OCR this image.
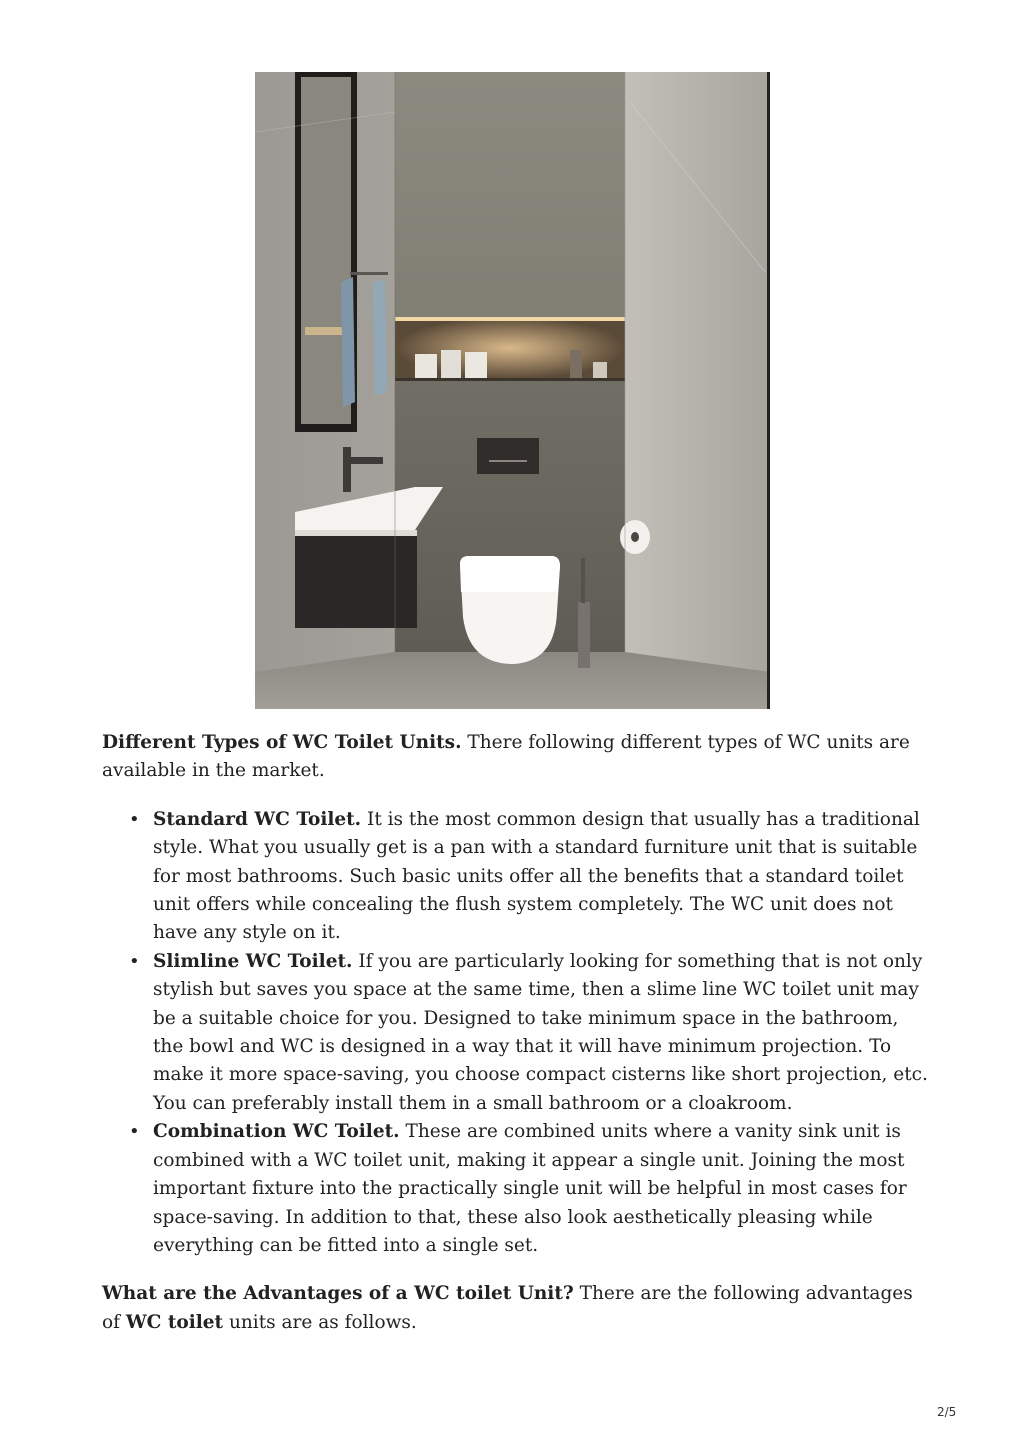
Different Types of WC Toilet Units. There following different types of WC units are available in the market.

• Standard WC Toilet. It is the most common design that usually has a traditional style. What you usually get is a pan with a standard furniture unit that is suitable for most bathrooms. Such basic units offer all the benefits that a standard toilet unit offers while concealing the flush system completely. The WC unit does not have any style on it.
• Slimline WC Toilet. If you are particularly looking for something that is not only stylish but saves you space at the same time, then a slime line WC toilet unit may be a suitable choice for you. Designed to take minimum space in the bathroom, the bowl and WC is designed in a way that it will have minimum projection. To make it more space-saving, you choose compact cisterns like short projection, etc. You can preferably install them in a small bathroom or a cloakroom.
• Combination WC Toilet. These are combined units where a vanity sink unit is combined with a WC toilet unit, making it appear a single unit. Joining the most important fixture into the practically single unit will be helpful in most cases for space-saving. In addition to that, these also look aesthetically pleasing while everything can be fitted into a single set.

What are the Advantages of a WC toilet Unit? There are the following advantages of WC toilet units are as follows.

2/5
